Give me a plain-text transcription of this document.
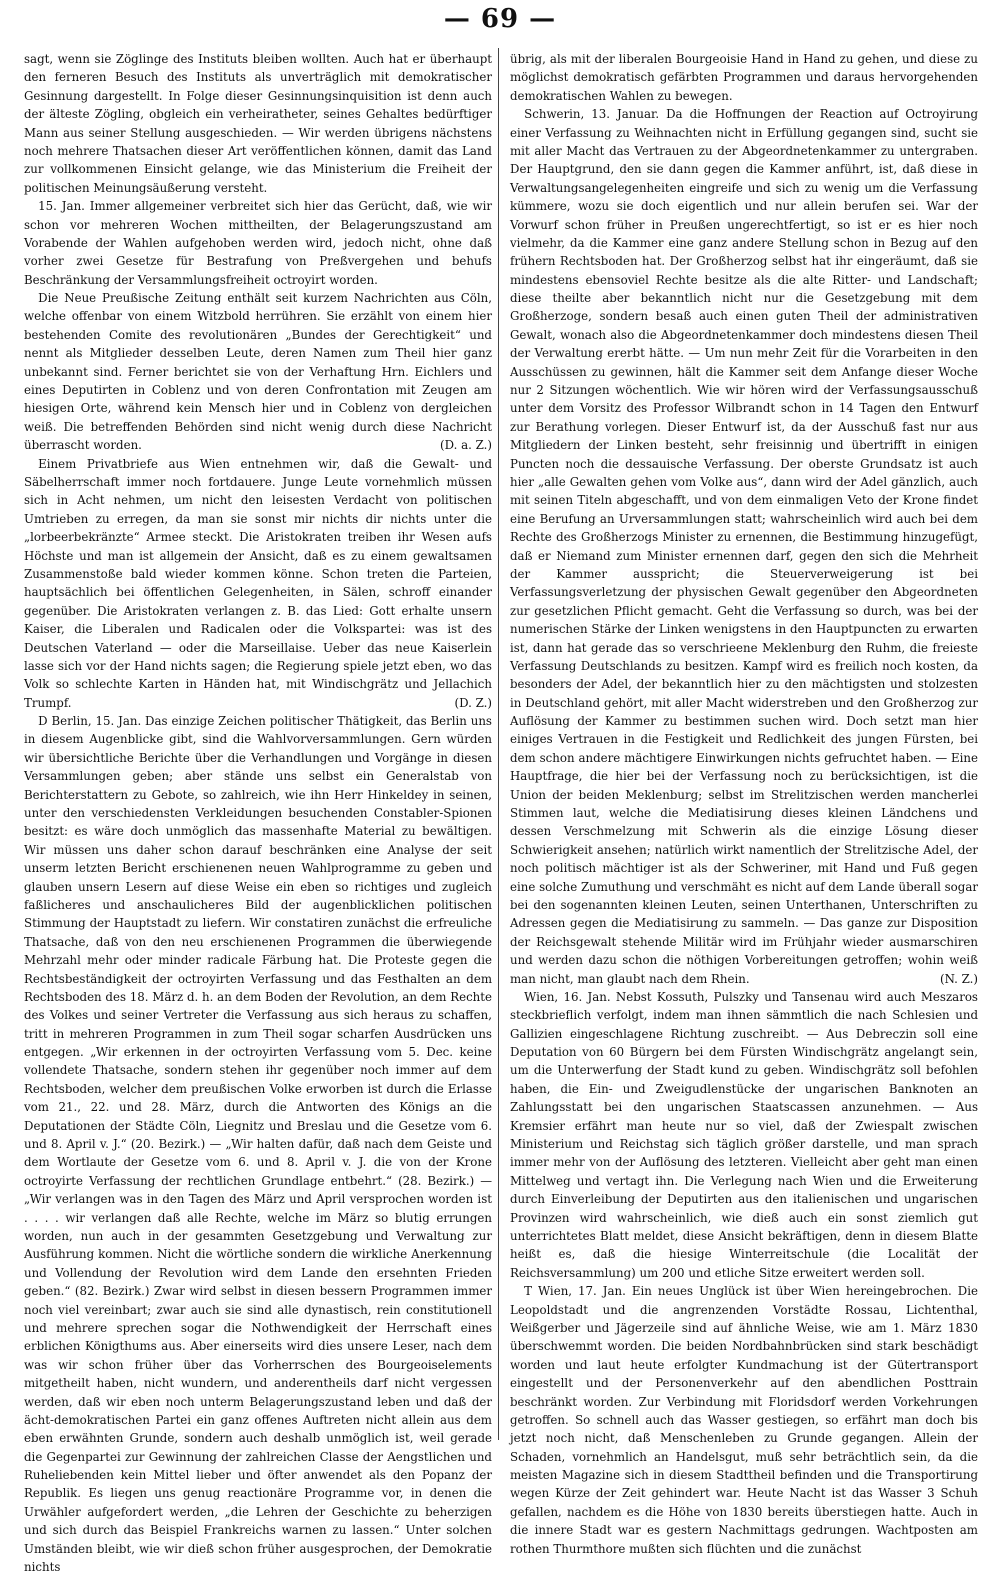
— 69 —

sagt, wenn sie Zöglinge des Instituts bleiben wollten. Auch hat er überhaupt den ferneren Besuch des Instituts als unverträglich mit demokratischer Gesinnung dargestellt. In Folge dieser Gesinnungsinquisition ist denn auch der älteste Zögling, obgleich ein verheiratheter, seines Gehaltes bedürftiger Mann aus seiner Stellung ausgeschieden. — Wir werden übrigens nächstens noch mehrere Thatsachen dieser Art veröffentlichen können, damit das Land zur vollkommenen Einsicht gelange, wie das Ministerium die Freiheit der politischen Meinungsäußerung versteht.

15. Jan. Immer allgemeiner verbreitet sich hier das Gerücht, daß, wie wir schon vor mehreren Wochen mittheilten, der Belagerungszustand am Vorabende der Wahlen aufgehoben werden wird, jedoch nicht, ohne daß vorher zwei Gesetze für Bestrafung von Preßvergehen und behufs Beschränkung der Versammlungsfreiheit octroyirt worden.

Die Neue Preußische Zeitung enthält seit kurzem Nachrichten aus Cöln, welche offenbar von einem Witzbold herrühren. Sie erzählt von einem hier bestehenden Comite des revolutionären „Bundes der Gerechtigkeit“ und nennt als Mitglieder desselben Leute, deren Namen zum Theil hier ganz unbekannt sind. Ferner berichtet sie von der Verhaftung Hrn. Eichlers und eines Deputirten in Coblenz und von deren Confrontation mit Zeugen am hiesigen Orte, während kein Mensch hier und in Coblenz von dergleichen weiß. Die betreffenden Behörden sind nicht wenig durch diese Nachricht überrascht worden.	(D. a. Z.)

Einem Privatbriefe aus Wien entnehmen wir, daß die Gewalt- und Säbelherrschaft immer noch fortdauere. Junge Leute vornehmlich müssen sich in Acht nehmen, um nicht den leisesten Verdacht von politischen Umtrieben zu erregen, da man sie sonst mir nichts dir nichts unter die „lorbeerbekränzte“ Armee steckt. Die Aristokraten treiben ihr Wesen aufs Höchste und man ist allgemein der Ansicht, daß es zu einem gewaltsamen Zusammenstoße bald wieder kommen könne. Schon treten die Parteien, hauptsächlich bei öffentlichen Gelegenheiten, in Sälen, schroff einander gegenüber. Die Aristokraten verlangen z. B. das Lied: Gott erhalte unsern Kaiser, die Liberalen und Radicalen oder die Volkspartei: was ist des Deutschen Vaterland — oder die Marseillaise. Ueber das neue Kaiserlein lasse sich vor der Hand nichts sagen; die Regierung spiele jetzt eben, wo das Volk so schlechte Karten in Händen hat, mit Windischgrätz und Jellachich Trumpf.	(D. Z.)

D Berlin, 15. Jan. Das einzige Zeichen politischer Thätigkeit, das Berlin uns in diesem Augenblicke gibt, sind die Wahlvorversammlungen. Gern würden wir übersichtliche Berichte über die Verhandlungen und Vorgänge in diesen Versammlungen geben; aber stände uns selbst ein Generalstab von Berichterstattern zu Gebote, so zahlreich, wie ihn Herr Hinkeldey in seinen, unter den verschiedensten Verkleidungen besuchenden Constabler-Spionen besitzt: es wäre doch unmöglich das massenhafte Material zu bewältigen. Wir müssen uns daher schon darauf beschränken eine Analyse der seit unserm letzten Bericht erschienenen neuen Wahlprogramme zu geben und glauben unsern Lesern auf diese Weise ein eben so richtiges und zugleich faßlicheres und anschaulicheres Bild der augenblicklichen politischen Stimmung der Hauptstadt zu liefern. Wir constatiren zunächst die erfreuliche Thatsache, daß von den neu erschienenen Programmen die überwiegende Mehrzahl mehr oder minder radicale Färbung hat. Die Proteste gegen die Rechtsbeständigkeit der octroyirten Verfassung und das Festhalten an dem Rechtsboden des 18. März d. h. an dem Boden der Revolution, an dem Rechte des Volkes und seiner Vertreter die Verfassung aus sich heraus zu schaffen, tritt in mehreren Programmen in zum Theil sogar scharfen Ausdrücken uns entgegen. „Wir erkennen in der octroyirten Verfassung vom 5. Dec. keine vollendete Thatsache, sondern stehen ihr gegenüber noch immer auf dem Rechtsboden, welcher dem preußischen Volke erworben ist durch die Erlasse vom 21., 22. und 28. März, durch die Antworten des Königs an die Deputationen der Städte Cöln, Liegnitz und Breslau und die Gesetze vom 6. und 8. April v. J.“ (20. Bezirk.) — „Wir halten dafür, daß nach dem Geiste und dem Wortlaute der Gesetze vom 6. und 8. April v. J. die von der Krone octroyirte Verfassung der rechtlichen Grundlage entbehrt.“ (28. Bezirk.) — „Wir verlangen was in den Tagen des März und April versprochen worden ist . . . . wir verlangen daß alle Rechte, welche im März so blutig errungen worden, nun auch in der gesammten Gesetzgebung und Verwaltung zur Ausführung kommen. Nicht die wörtliche sondern die wirkliche Anerkennung und Vollendung der Revolution wird dem Lande den ersehnten Frieden geben.“ (82. Bezirk.) Zwar wird selbst in diesen bessern Programmen immer noch viel vereinbart; zwar auch sie sind alle dynastisch, rein constitutionell und mehrere sprechen sogar die Nothwendigkeit der Herrschaft eines erblichen Königthums aus. Aber einerseits wird dies unsere Leser, nach dem was wir schon früher über das Vorherrschen des Bourgeoiselements mitgetheilt haben, nicht wundern, und anderentheils darf nicht vergessen werden, daß wir eben noch unterm Belagerungszustand leben und daß der ächt-demokratischen Partei ein ganz offenes Auftreten nicht allein aus dem eben erwähnten Grunde, sondern auch deshalb unmöglich ist, weil gerade die Gegenpartei zur Gewinnung der zahlreichen Classe der Aengstlichen und Ruheliebenden kein Mittel lieber und öfter anwendet als den Popanz der Republik. Es liegen uns genug reactionäre Programme vor, in denen die Urwähler aufgefordert werden, „die Lehren der Geschichte zu beherzigen und sich durch das Beispiel Frankreichs warnen zu lassen.“ Unter solchen Umständen bleibt, wie wir dieß schon früher ausgesprochen, der Demokratie nichts

übrig, als mit der liberalen Bourgeoisie Hand in Hand zu gehen, und diese zu möglichst demokratisch gefärbten Programmen und daraus hervorgehenden demokratischen Wahlen zu bewegen.

Schwerin, 13. Januar. Da die Hoffnungen der Reaction auf Octroyirung einer Verfassung zu Weihnachten nicht in Erfüllung gegangen sind, sucht sie mit aller Macht das Vertrauen zu der Abgeordnetenkammer zu untergraben. Der Hauptgrund, den sie dann gegen die Kammer anführt, ist, daß diese in Verwaltungsangelegenheiten eingreife und sich zu wenig um die Verfassung kümmere, wozu sie doch eigentlich und nur allein berufen sei. War der Vorwurf schon früher in Preußen ungerechtfertigt, so ist er es hier noch vielmehr, da die Kammer eine ganz andere Stellung schon in Bezug auf den frühern Rechtsboden hat. Der Großherzog selbst hat ihr eingeräumt, daß sie mindestens ebensoviel Rechte besitze als die alte Ritter- und Landschaft; diese theilte aber bekanntlich nicht nur die Gesetzgebung mit dem Großherzoge, sondern besaß auch einen guten Theil der administrativen Gewalt, wonach also die Abgeordnetenkammer doch mindestens diesen Theil der Verwaltung ererbt hätte. — Um nun mehr Zeit für die Vorarbeiten in den Ausschüssen zu gewinnen, hält die Kammer seit dem Anfange dieser Woche nur 2 Sitzungen wöchentlich. Wie wir hören wird der Verfassungsausschuß unter dem Vorsitz des Professor Wilbrandt schon in 14 Tagen den Entwurf zur Berathung vorlegen. Dieser Entwurf ist, da der Ausschuß fast nur aus Mitgliedern der Linken besteht, sehr freisinnig und übertrifft in einigen Puncten noch die dessauische Verfassung. Der oberste Grundsatz ist auch hier „alle Gewalten gehen vom Volke aus“, dann wird der Adel gänzlich, auch mit seinen Titeln abgeschafft, und von dem einmaligen Veto der Krone findet eine Berufung an Urversammlungen statt; wahrscheinlich wird auch bei dem Rechte des Großherzogs Minister zu ernennen, die Bestimmung hinzugefügt, daß er Niemand zum Minister ernennen darf, gegen den sich die Mehrheit der Kammer ausspricht; die Steuerverweigerung ist bei Verfassungsverletzung der physischen Gewalt gegenüber den Abgeordneten zur gesetzlichen Pflicht gemacht. Geht die Verfassung so durch, was bei der numerischen Stärke der Linken wenigstens in den Hauptpuncten zu erwarten ist, dann hat gerade das so verschrieene Meklenburg den Ruhm, die freieste Verfassung Deutschlands zu besitzen. Kampf wird es freilich noch kosten, da besonders der Adel, der bekanntlich hier zu den mächtigsten und stolzesten in Deutschland gehört, mit aller Macht widerstreben und den Großherzog zur Auflösung der Kammer zu bestimmen suchen wird. Doch setzt man hier einiges Vertrauen in die Festigkeit und Redlichkeit des jungen Fürsten, bei dem schon andere mächtigere Einwirkungen nichts gefruchtet haben. — Eine Hauptfrage, die hier bei der Verfassung noch zu berücksichtigen, ist die Union der beiden Meklenburg; selbst im Strelitzischen werden mancherlei Stimmen laut, welche die Mediatisirung dieses kleinen Ländchens und dessen Verschmelzung mit Schwerin als die einzige Lösung dieser Schwierigkeit ansehen; natürlich wirkt namentlich der Strelitzische Adel, der noch politisch mächtiger ist als der Schweriner, mit Hand und Fuß gegen eine solche Zumuthung und verschmäht es nicht auf dem Lande überall sogar bei den sogenannten kleinen Leuten, seinen Unterthanen, Unterschriften zu Adressen gegen die Mediatisirung zu sammeln. — Das ganze zur Disposition der Reichsgewalt stehende Militär wird im Frühjahr wieder ausmarschiren und werden dazu schon die nöthigen Vorbereitungen getroffen; wohin weiß man nicht, man glaubt nach dem Rhein.	(N. Z.)

Wien, 16. Jan. Nebst Kossuth, Pulszky und Tansenau wird auch Meszaros steckbrieflich verfolgt, indem man ihnen sämmtlich die nach Schlesien und Gallizien eingeschlagene Richtung zuschreibt. — Aus Debreczin soll eine Deputation von 60 Bürgern bei dem Fürsten Windischgrätz angelangt sein, um die Unterwerfung der Stadt kund zu geben. Windischgrätz soll befohlen haben, die Ein- und Zweigudlenstücke der ungarischen Banknoten an Zahlungsstatt bei den ungarischen Staatscassen anzunehmen. — Aus Kremsier erfährt man heute nur so viel, daß der Zwiespalt zwischen Ministerium und Reichstag sich täglich größer darstelle, und man sprach immer mehr von der Auflösung des letzteren. Vielleicht aber geht man einen Mittelweg und vertagt ihn. Die Verlegung nach Wien und die Erweiterung durch Einverleibung der Deputirten aus den italienischen und ungarischen Provinzen wird wahrscheinlich, wie dieß auch ein sonst ziemlich gut unterrichtetes Blatt meldet, diese Ansicht bekräftigen, denn in diesem Blatte heißt es, daß die hiesige Winterreitschule (die Localität der Reichsversammlung) um 200 und etliche Sitze erweitert werden soll.

T Wien, 17. Jan. Ein neues Unglück ist über Wien hereingebrochen. Die Leopoldstadt und die angrenzenden Vorstädte Rossau, Lichtenthal, Weißgerber und Jägerzeile sind auf ähnliche Weise, wie am 1. März 1830 überschwemmt worden. Die beiden Nordbahnbrücken sind stark beschädigt worden und laut heute erfolgter Kundmachung ist der Gütertransport eingestellt und der Personenverkehr auf den abendlichen Posttrain beschränkt worden. Zur Verbindung mit Floridsdorf werden Vorkehrungen getroffen. So schnell auch das Wasser gestiegen, so erfährt man doch bis jetzt noch nicht, daß Menschenleben zu Grunde gegangen. Allein der Schaden, vornehmlich an Handelsgut, muß sehr beträchtlich sein, da die meisten Magazine sich in diesem Stadttheil befinden und die Transportirung wegen Kürze der Zeit gehindert war. Heute Nacht ist das Wasser 3 Schuh gefallen, nachdem es die Höhe von 1830 bereits überstiegen hatte. Auch in die innere Stadt war es gestern Nachmittags gedrungen. Wachtposten am rothen Thurmthore mußten sich flüchten und die zunächst
